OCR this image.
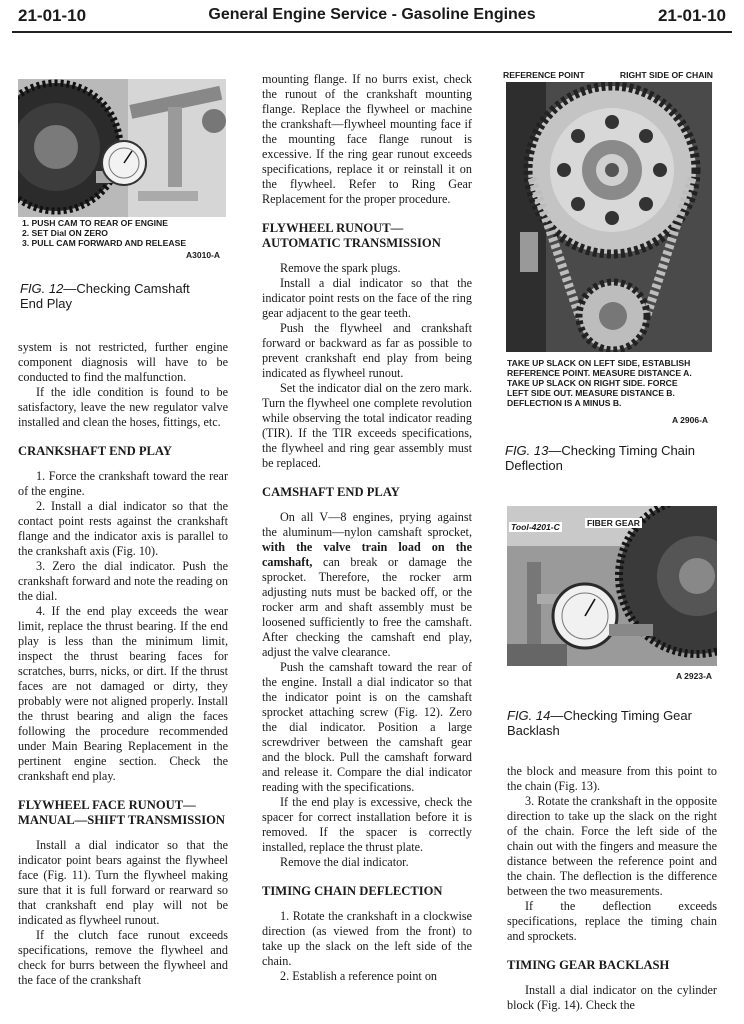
General Engine Service - Gasoline Engines
21-01-10	21-01-10
1. PUSH CAM TO REAR OF ENGINE
2. SET Dial ON ZERO
3. PULL CAM FORWARD AND RELEASE
A3010-A
FIG. 12—Checking Camshaft
End Play
REFERENCE POINT	RIGHT SIDE OF CHAIN
TAKE UP SLACK ON LEFT SIDE, ESTABLISH
REFERENCE POINT. MEASURE DISTANCE A.
TAKE UP SLACK ON RIGHT SIDE. FORCE
LEFT SIDE OUT. MEASURE DISTANCE B.
DEFLECTION IS A MINUS B.
A 2906-A
FIG. 13—Checking Timing Chain
Deflection
Tool-4201-C	FIBER GEAR
A 2923-A
FIG. 14—Checking Timing Gear
Backlash

system is not restricted, further engine component diagnosis will have to be conducted to find the malfunction.

If the idle condition is found to be satisfactory, leave the new regulator valve installed and clean the hoses, fittings, etc.

CRANKSHAFT END PLAY

1. Force the crankshaft toward the rear of the engine.

2. Install a dial indicator so that the contact point rests against the crankshaft flange and the indicator axis is parallel to the crankshaft axis (Fig. 10).

3. Zero the dial indicator. Push the crankshaft forward and note the reading on the dial.

4. If the end play exceeds the wear limit, replace the thrust bearing. If the end play is less than the minimum limit, inspect the thrust bearing faces for scratches, burrs, nicks, or dirt. If the thrust faces are not damaged or dirty, they probably were not aligned properly. Install the thrust bearing and align the faces following the procedure recommended under Main Bearing Replacement in the pertinent engine section. Check the crankshaft end play.

FLYWHEEL FACE RUNOUT—MANUAL—SHIFT TRANSMISSION

Install a dial indicator so that the indicator point bears against the flywheel face (Fig. 11). Turn the flywheel making sure that it is full forward or rearward so that crankshaft end play will not be indicated as flywheel runout.

If the clutch face runout exceeds specifications, remove the flywheel and check for burrs between the flywheel and the face of the crankshaft

mounting flange. If no burrs exist, check the runout of the crankshaft mounting flange. Replace the flywheel or machine the crankshaft—flywheel mounting face if the mounting face flange runout is excessive. If the ring gear runout exceeds specifications, replace it or reinstall it on the flywheel. Refer to Ring Gear Replacement for the proper procedure.

FLYWHEEL RUNOUT—AUTOMATIC TRANSMISSION

Remove the spark plugs.

Install a dial indicator so that the indicator point rests on the face of the ring gear adjacent to the gear teeth.

Push the flywheel and crankshaft forward or backward as far as possible to prevent crankshaft end play from being indicated as flywheel runout.

Set the indicator dial on the zero mark. Turn the flywheel one complete revolution while observing the total indicator reading (TIR). If the TIR exceeds specifications, the flywheel and ring gear assembly must be replaced.

CAMSHAFT END PLAY

On all V—8 engines, prying against the aluminum—nylon camshaft sprocket, with the valve train load on the camshaft, can break or damage the sprocket. Therefore, the rocker arm adjusting nuts must be backed off, or the rocker arm and shaft assembly must be loosened sufficiently to free the camshaft. After checking the camshaft end play, adjust the valve clearance.

Push the camshaft toward the rear of the engine. Install a dial indicator so that the indicator point is on the camshaft sprocket attaching screw (Fig. 12). Zero the dial indicator. Position a large screwdriver between the camshaft gear and the block. Pull the camshaft forward and release it. Compare the dial indicator reading with the specifications.

If the end play is excessive, check the spacer for correct installation before it is removed. If the spacer is correctly installed, replace the thrust plate.

Remove the dial indicator.

TIMING CHAIN DEFLECTION

1. Rotate the crankshaft in a clockwise direction (as viewed from the front) to take up the slack on the left side of the chain.

2. Establish a reference point on

the block and measure from this point to the chain (Fig. 13).

3. Rotate the crankshaft in the opposite direction to take up the slack on the right of the chain. Force the left side of the chain out with the fingers and measure the distance between the reference point and the chain. The deflection is the difference between the two measurements.

If the deflection exceeds specifications, replace the timing chain and sprockets.

TIMING GEAR BACKLASH

Install a dial indicator on the cylinder block (Fig. 14). Check the
